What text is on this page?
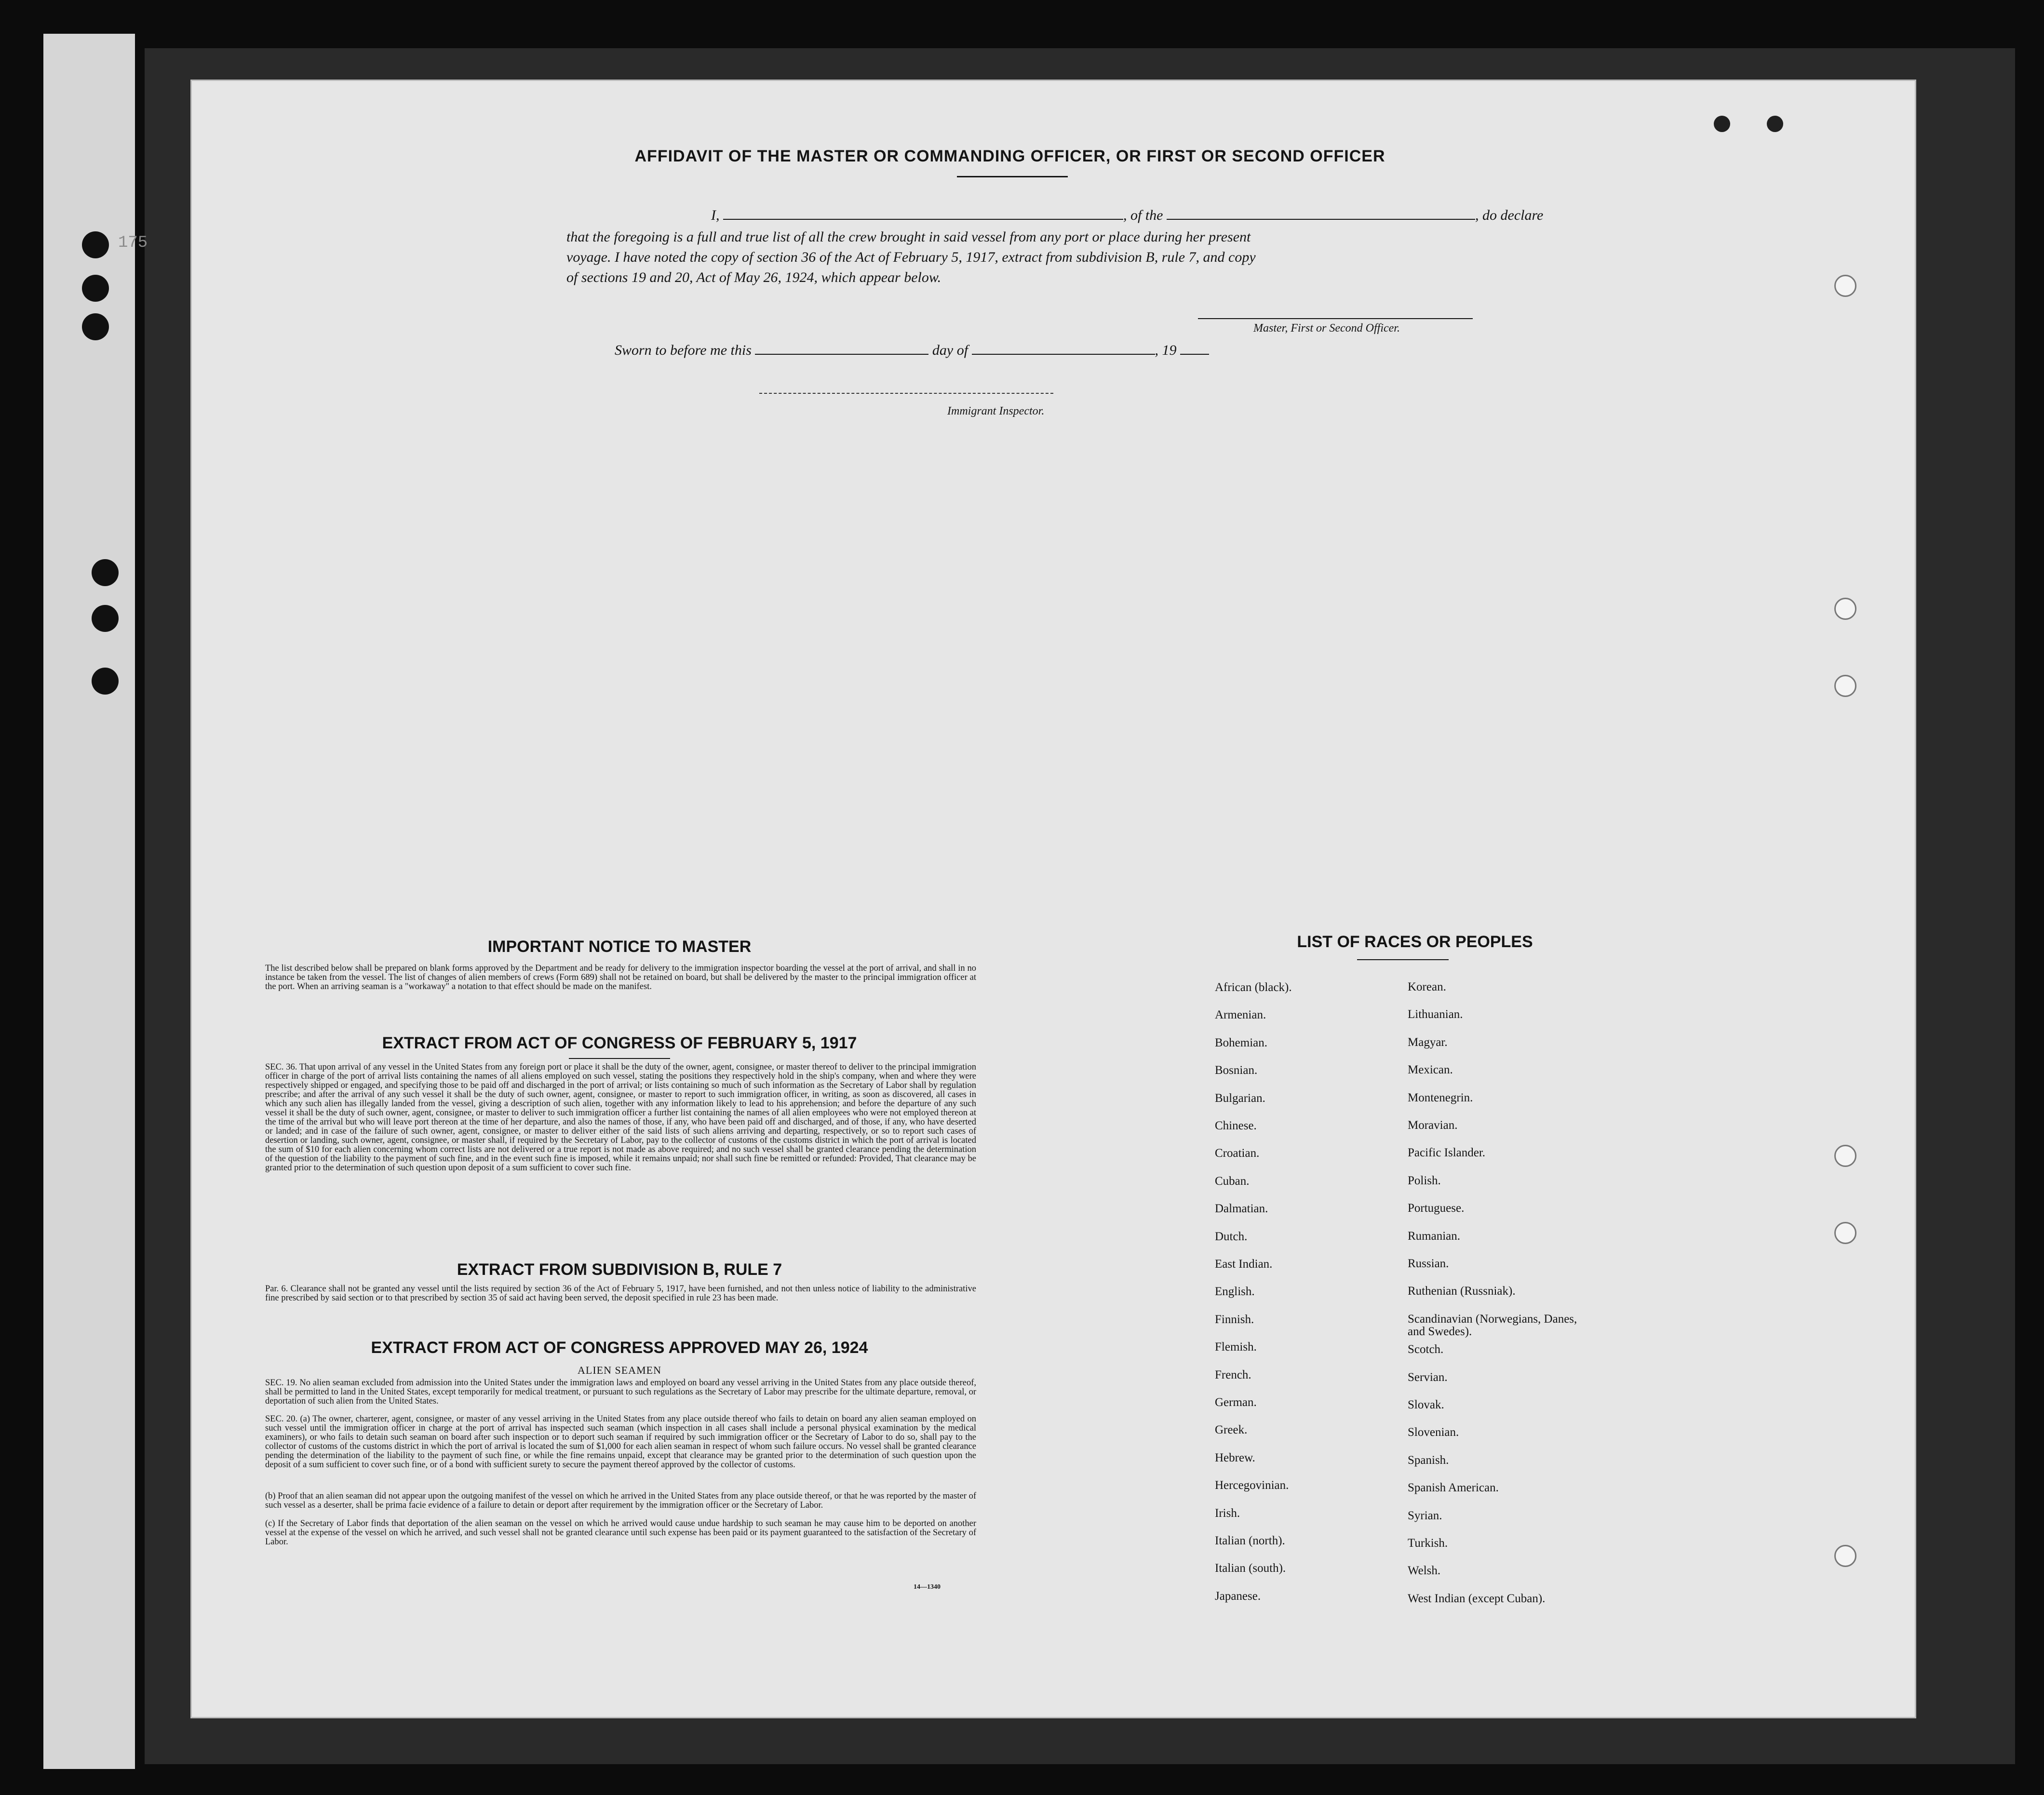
175
AFFIDAVIT OF THE MASTER OR COMMANDING OFFICER, OR FIRST OR SECOND OFFICER
I,	, of the	, do declare
that the foregoing is a full and true list of all the crew brought in said vessel from any port or place during her present
voyage. I have noted the copy of section 36 of the Act of February 5, 1917, extract from subdivision B, rule 7, and copy
of sections 19 and 20, Act of May 26, 1924, which appear below.
Master, First or Second Officer.
Sworn to before me this	day of	, 19
Immigrant Inspector.
IMPORTANT NOTICE TO MASTER
The list described below shall be prepared on blank forms approved by the Department and be ready for delivery to the immigration inspector boarding the vessel at the port of arrival, and shall in no instance be taken from the vessel. The list of changes of alien members of crews (Form 689) shall not be retained on board, but shall be delivered by the master to the principal immigration officer at the port. When an arriving seaman is a "workaway" a notation to that effect should be made on the manifest.
EXTRACT FROM ACT OF CONGRESS OF FEBRUARY 5, 1917
SEC. 36. That upon arrival of any vessel in the United States from any foreign port or place it shall be the duty of the owner, agent, consignee, or master thereof to deliver to the principal immigration officer in charge of the port of arrival lists containing the names of all aliens employed on such vessel, stating the positions they respectively hold in the ship's company, when and where they were respectively shipped or engaged, and specifying those to be paid off and discharged in the port of arrival; or lists containing so much of such information as the Secretary of Labor shall by regulation prescribe; and after the arrival of any such vessel it shall be the duty of such owner, agent, consignee, or master to report to such immigration officer, in writing, as soon as discovered, all cases in which any such alien has illegally landed from the vessel, giving a description of such alien, together with any information likely to lead to his apprehension; and before the departure of any such vessel it shall be the duty of such owner, agent, consignee, or master to deliver to such immigration officer a further list containing the names of all alien employees who were not employed thereon at the time of the arrival but who will leave port thereon at the time of her departure, and also the names of those, if any, who have been paid off and discharged, and of those, if any, who have deserted or landed; and in case of the failure of such owner, agent, consignee, or master to deliver either of the said lists of such aliens arriving and departing, respectively, or so to report such cases of desertion or landing, such owner, agent, consignee, or master shall, if required by the Secretary of Labor, pay to the collector of customs of the customs district in which the port of arrival is located the sum of $10 for each alien concerning whom correct lists are not delivered or a true report is not made as above required; and no such vessel shall be granted clearance pending the determination of the question of the liability to the payment of such fine, and in the event such fine is imposed, while it remains unpaid; nor shall such fine be remitted or refunded: Provided, That clearance may be granted prior to the determination of such question upon deposit of a sum sufficient to cover such fine.
EXTRACT FROM SUBDIVISION B, RULE 7
Par. 6. Clearance shall not be granted any vessel until the lists required by section 36 of the Act of February 5, 1917, have been furnished, and not then unless notice of liability to the administrative fine prescribed by said section or to that prescribed by section 35 of said act having been served, the deposit specified in rule 23 has been made.
EXTRACT FROM ACT OF CONGRESS APPROVED MAY 26, 1924
ALIEN SEAMEN
SEC. 19. No alien seaman excluded from admission into the United States under the immigration laws and employed on board any vessel arriving in the United States from any place outside thereof, shall be permitted to land in the United States, except temporarily for medical treatment, or pursuant to such regulations as the Secretary of Labor may prescribe for the ultimate departure, removal, or deportation of such alien from the United States.
SEC. 20. (a) The owner, charterer, agent, consignee, or master of any vessel arriving in the United States from any place outside thereof who fails to detain on board any alien seaman employed on such vessel until the immigration officer in charge at the port of arrival has inspected such seaman (which inspection in all cases shall include a personal physical examination by the medical examiners), or who fails to detain such seaman on board after such inspection or to deport such seaman if required by such immigration officer or the Secretary of Labor to do so, shall pay to the collector of customs of the customs district in which the port of arrival is located the sum of $1,000 for each alien seaman in respect of whom such failure occurs. No vessel shall be granted clearance pending the determination of the liability to the payment of such fine, or while the fine remains unpaid, except that clearance may be granted prior to the determination of such question upon the deposit of a sum sufficient to cover such fine, or of a bond with sufficient surety to secure the payment thereof approved by the collector of customs.
(b) Proof that an alien seaman did not appear upon the outgoing manifest of the vessel on which he arrived in the United States from any place outside thereof, or that he was reported by the master of such vessel as a deserter, shall be prima facie evidence of a failure to detain or deport after requirement by the immigration officer or the Secretary of Labor.
(c) If the Secretary of Labor finds that deportation of the alien seaman on the vessel on which he arrived would cause undue hardship to such seaman he may cause him to be deported on another vessel at the expense of the vessel on which he arrived, and such vessel shall not be granted clearance until such expense has been paid or its payment guaranteed to the satisfaction of the Secretary of Labor.
14—1340
LIST OF RACES OR PEOPLES
African (black).
Armenian.
Bohemian.
Bosnian.
Bulgarian.
Chinese.
Croatian.
Cuban.
Dalmatian.
Dutch.
East Indian.
English.
Finnish.
Flemish.
French.
German.
Greek.
Hebrew.
Hercegovinian.
Irish.
Italian (north).
Italian (south).
Japanese.
Korean.
Lithuanian.
Magyar.
Mexican.
Montenegrin.
Moravian.
Pacific Islander.
Polish.
Portuguese.
Rumanian.
Russian.
Ruthenian (Russniak).
Scandinavian (Norwegians, Danes, and Swedes).
Scotch.
Servian.
Slovak.
Slovenian.
Spanish.
Spanish American.
Syrian.
Turkish.
Welsh.
West Indian (except Cuban).
